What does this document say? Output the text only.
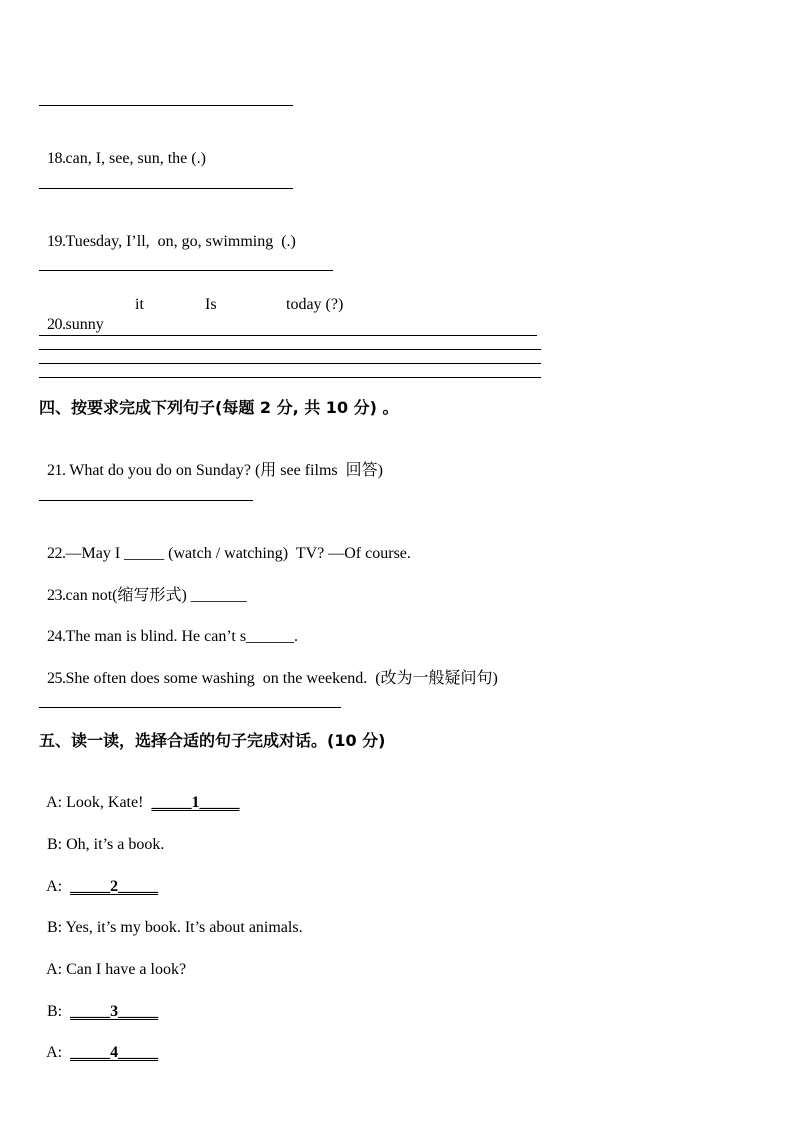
18.can, I, see, sun, the (.)

19.Tuesday, I’ll,  on, go, swimming  (.)

20.sunny

it	Is	today (?)
四、按要求完成下列句子(每题 2 分, 共 10 分) 。

21. What do you do on Sunday? (用 see films  回答)

22.—May I _____ (watch / watching)  TV? —Of course.

23.can not(缩写形式) _______

24.The man is blind. He can’t s______.

25.She often does some washing  on the weekend.  (改为一般疑问句)

五、读一读，选择合适的句子完成对话。(10 分)

A: Look, Kate!  _____1_____

B: Oh, it’s a book.

A: _____2_____

B: Yes, it’s my book. It’s about animals.

A: Can I have a look?

B: _____3_____

A: _____4_____
